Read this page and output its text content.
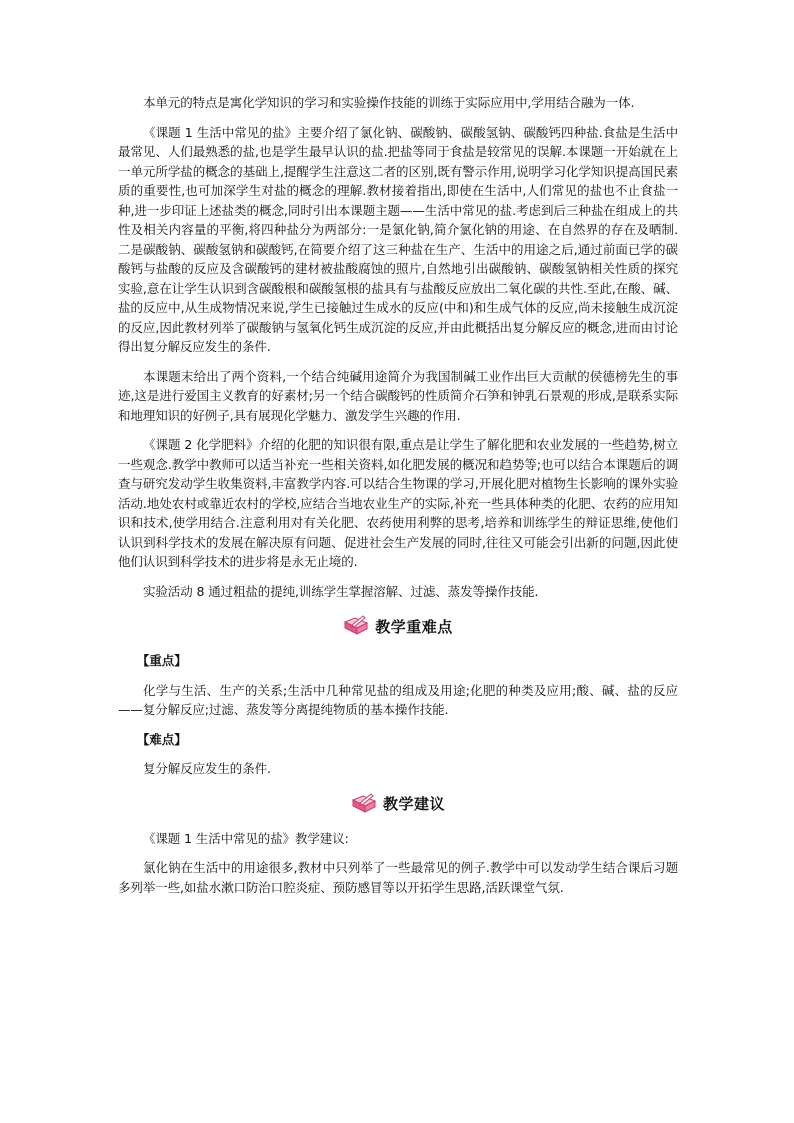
本单元的特点是寓化学知识的学习和实验操作技能的训练于实际应用中,学用结合融为一体.

《课题 1 生活中常见的盐》主要介绍了氯化钠、碳酸钠、碳酸氢钠、碳酸钙四种盐.食盐是生活中最常见、人们最熟悉的盐,也是学生最早认识的盐.把盐等同于食盐是较常见的误解.本课题一开始就在上一单元所学盐的概念的基础上,提醒学生注意这二者的区别,既有警示作用,说明学习化学知识提高国民素质的重要性,也可加深学生对盐的概念的理解.教材接着指出,即使在生活中,人们常见的盐也不止食盐一种,进一步印证上述盐类的概念,同时引出本课题主题——生活中常见的盐.考虑到后三种盐在组成上的共性及相关内容量的平衡,将四种盐分为两部分:一是氯化钠,简介氯化钠的用途、在自然界的存在及晒制.二是碳酸钠、碳酸氢钠和碳酸钙,在简要介绍了这三种盐在生产、生活中的用途之后,通过前面已学的碳酸钙与盐酸的反应及含碳酸钙的建材被盐酸腐蚀的照片,自然地引出碳酸钠、碳酸氢钠相关性质的探究实验,意在让学生认识到含碳酸根和碳酸氢根的盐具有与盐酸反应放出二氧化碳的共性.至此,在酸、碱、盐的反应中,从生成物情况来说,学生已接触过生成水的反应(中和)和生成气体的反应,尚未接触生成沉淀的反应,因此教材列举了碳酸钠与氢氧化钙生成沉淀的反应,并由此概括出复分解反应的概念,进而由讨论得出复分解反应发生的条件.

本课题末给出了两个资料,一个结合纯碱用途简介为我国制碱工业作出巨大贡献的侯德榜先生的事迹,这是进行爱国主义教育的好素材;另一个结合碳酸钙的性质简介石笋和钟乳石景观的形成,是联系实际和地理知识的好例子,具有展现化学魅力、激发学生兴趣的作用.

《课题 2 化学肥料》介绍的化肥的知识很有限,重点是让学生了解化肥和农业发展的一些趋势,树立一些观念.教学中教师可以适当补充一些相关资料,如化肥发展的概况和趋势等;也可以结合本课题后的调查与研究发动学生收集资料,丰富教学内容.可以结合生物课的学习,开展化肥对植物生长影响的课外实验活动.地处农村或靠近农村的学校,应结合当地农业生产的实际,补充一些具体种类的化肥、农药的应用知识和技术,使学用结合.注意利用对有关化肥、农药使用利弊的思考,培养和训练学生的辩证思维,使他们认识到科学技术的发展在解决原有问题、促进社会生产发展的同时,往往又可能会引出新的问题,因此使他们认识到科学技术的进步将是永无止境的.

实验活动 8 通过粗盐的提纯,训练学生掌握溶解、过滤、蒸发等操作技能.

教学重难点

【重点】

化学与生活、生产的关系;生活中几种常见盐的组成及用途;化肥的种类及应用;酸、碱、盐的反应——复分解反应;过滤、蒸发等分离提纯物质的基本操作技能.

【难点】

复分解反应发生的条件.

教学建议

《课题 1 生活中常见的盐》教学建议:

氯化钠在生活中的用途很多,教材中只列举了一些最常见的例子.教学中可以发动学生结合课后习题多列举一些,如盐水漱口防治口腔炎症、预防感冒等以开拓学生思路,活跃课堂气氛.
